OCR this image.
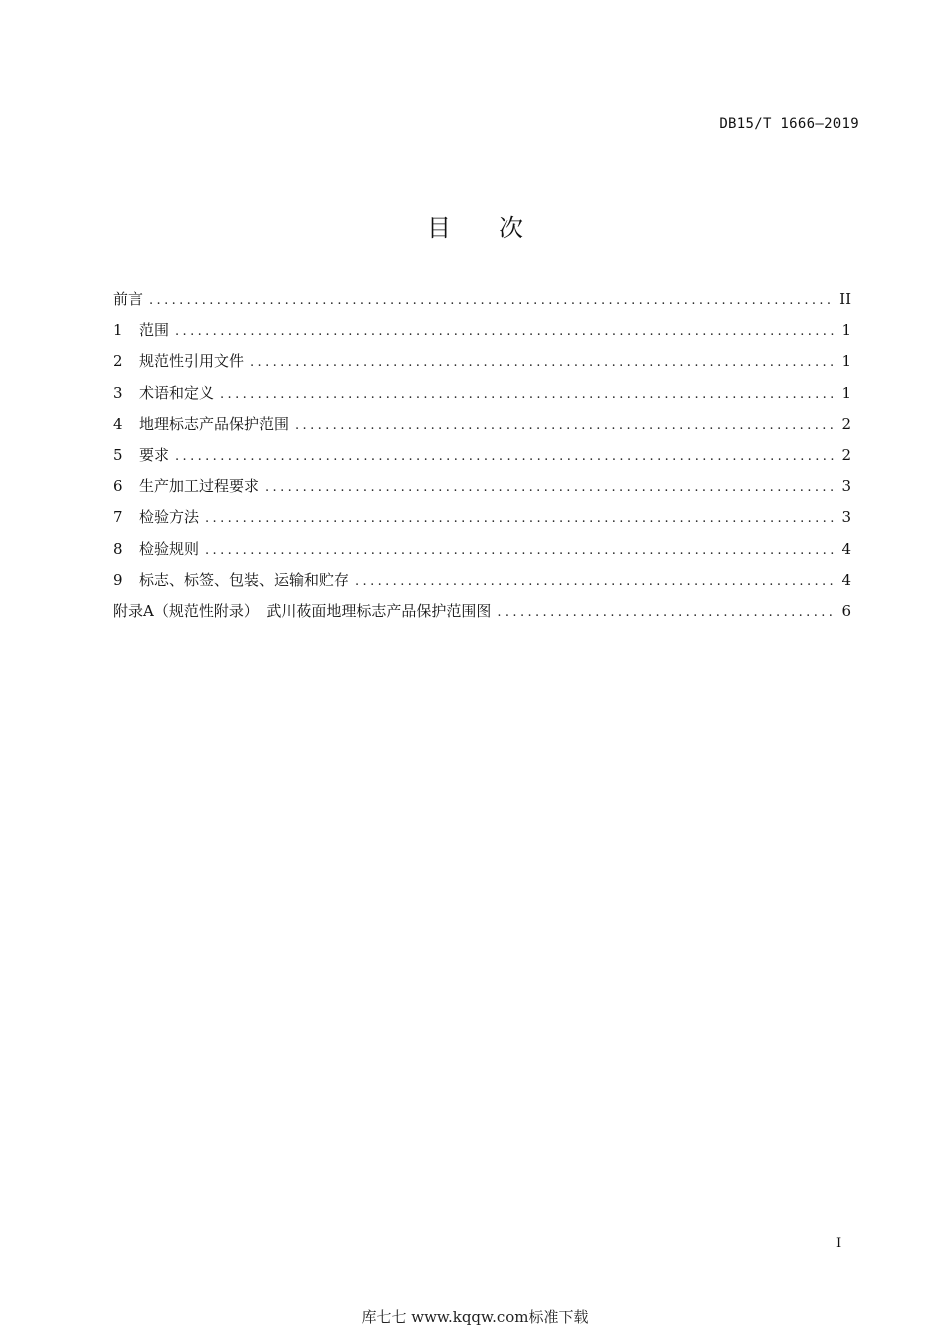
DB15/T 1666—2019
目次
前言 .....	II
1	范围 .....	1
2	规范性引用文件 .....	1
3	术语和定义 .....	1
4	地理标志产品保护范围 .....	2
5	要求 .....	2
6	生产加工过程要求 .....	3
7	检验方法 .....	3
8	检验规则 .....	4
9	标志、标签、包装、运输和贮存 .....	4
附录A（规范性附录）　武川莜面地理标志产品保护范围图 .....	6
I
库七七 www.kqqw.com标准下载
